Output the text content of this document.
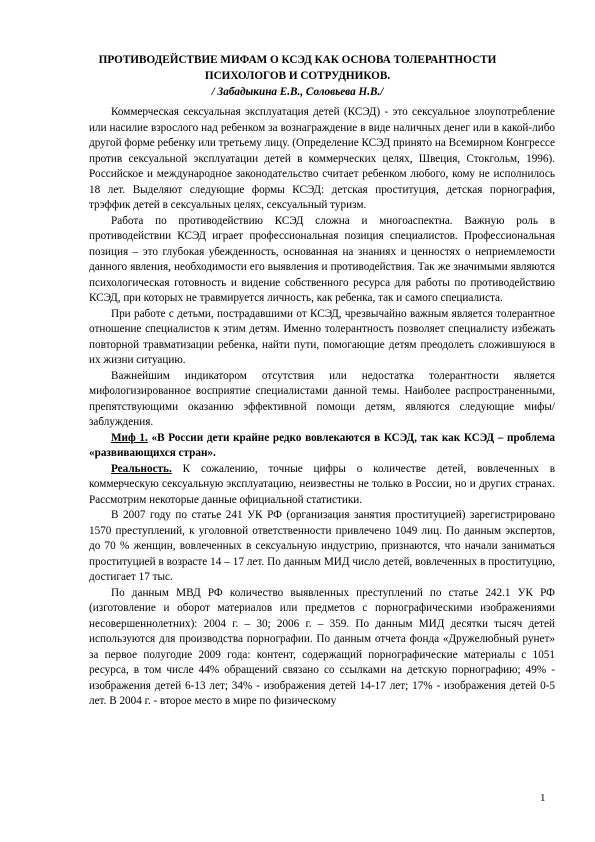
ПРОТИВОДЕЙСТВИЕ МИФАМ О КСЭД КАК ОСНОВА ТОЛЕРАНТНОСТИ
ПСИХОЛОГОВ И СОТРУДНИКОВ.
/ Забадыкина Е.В., Соловьева Н.В./

Коммерческая сексуальная эксплуатация детей (КСЭД) - это сексуальное злоупотребление или насилие взрослого над ребенком за вознаграждение в виде наличных денег или в какой-либо другой форме ребенку или третьему лицу. (Определение КСЭД принято на Всемирном Конгрессе против сексуальной эксплуатации детей в коммерческих целях, Швеция, Стокгольм, 1996). Российское и международное законодательство считает ребенком любого, кому не исполнилось 18 лет. Выделяют следующие формы КСЭД: детская проституция, детская порнография, трэффик детей в сексуальных целях, сексуальный туризм.

Работа по противодействию КСЭД сложна и многоаспектна. Важную роль в противодействии КСЭД играет профессиональная позиция специалистов. Профессиональная позиция – это глубокая убежденность, основанная на знаниях и ценностях о неприемлемости данного явления, необходимости его выявления и противодействия. Так же значимыми являются психологическая готовность и видение собственного ресурса для работы по противодействию КСЭД, при которых не травмируется личность, как ребенка, так и самого специалиста.

При работе с детьми, пострадавшими от КСЭД, чрезвычайно важным является толерантное отношение специалистов к этим детям. Именно толерантность позволяет специалисту избежать повторной травматизации ребенка, найти пути, помогающие детям преодолеть сложившуюся в их жизни ситуацию.

Важнейшим индикатором отсутствия или недостатка толерантности является мифологизированное восприятие специалистами данной темы. Наиболее распространенными, препятствующими оказанию эффективной помощи детям, являются следующие мифы/ заблуждения.

Миф 1. «В России дети крайне редко вовлекаются в КСЭД, так как КСЭД – проблема «развивающихся стран».

Реальность. К сожалению, точные цифры о количестве детей, вовлеченных в коммерческую сексуальную эксплуатацию, неизвестны не только в России, но и других странах. Рассмотрим некоторые данные официальной статистики.

В 2007 году по статье 241 УК РФ (организация занятия проституцией) зарегистрировано 1570 преступлений, к уголовной ответственности привлечено 1049 лиц. По данным экспертов, до 70 % женщин, вовлеченных в сексуальную индустрию, признаются, что начали заниматься проституцией в возрасте 14 – 17 лет. По данным МИД число детей, вовлеченных в проституцию, достигает 17 тыс.

По данным МВД РФ количество выявленных преступлений по статье 242.1 УК РФ (изготовление и оборот материалов или предметов с порнографическими изображениями несовершеннолетних): 2004 г. – 30; 2006 г. – 359. По данным МИД десятки тысяч детей используются для производства порнографии. По данным отчета фонда «Дружелюбный рунет» за первое полугодие 2009 года: контент, содержащий порнографические материалы с 1051 ресурса, в том числе 44% обращений связано со ссылками на детскую порнографию; 49% - изображения детей 6-13 лет; 34% - изображения детей 14-17 лет; 17% - изображения детей 0-5 лет. В 2004 г. - второе место в мире по физическому

1
